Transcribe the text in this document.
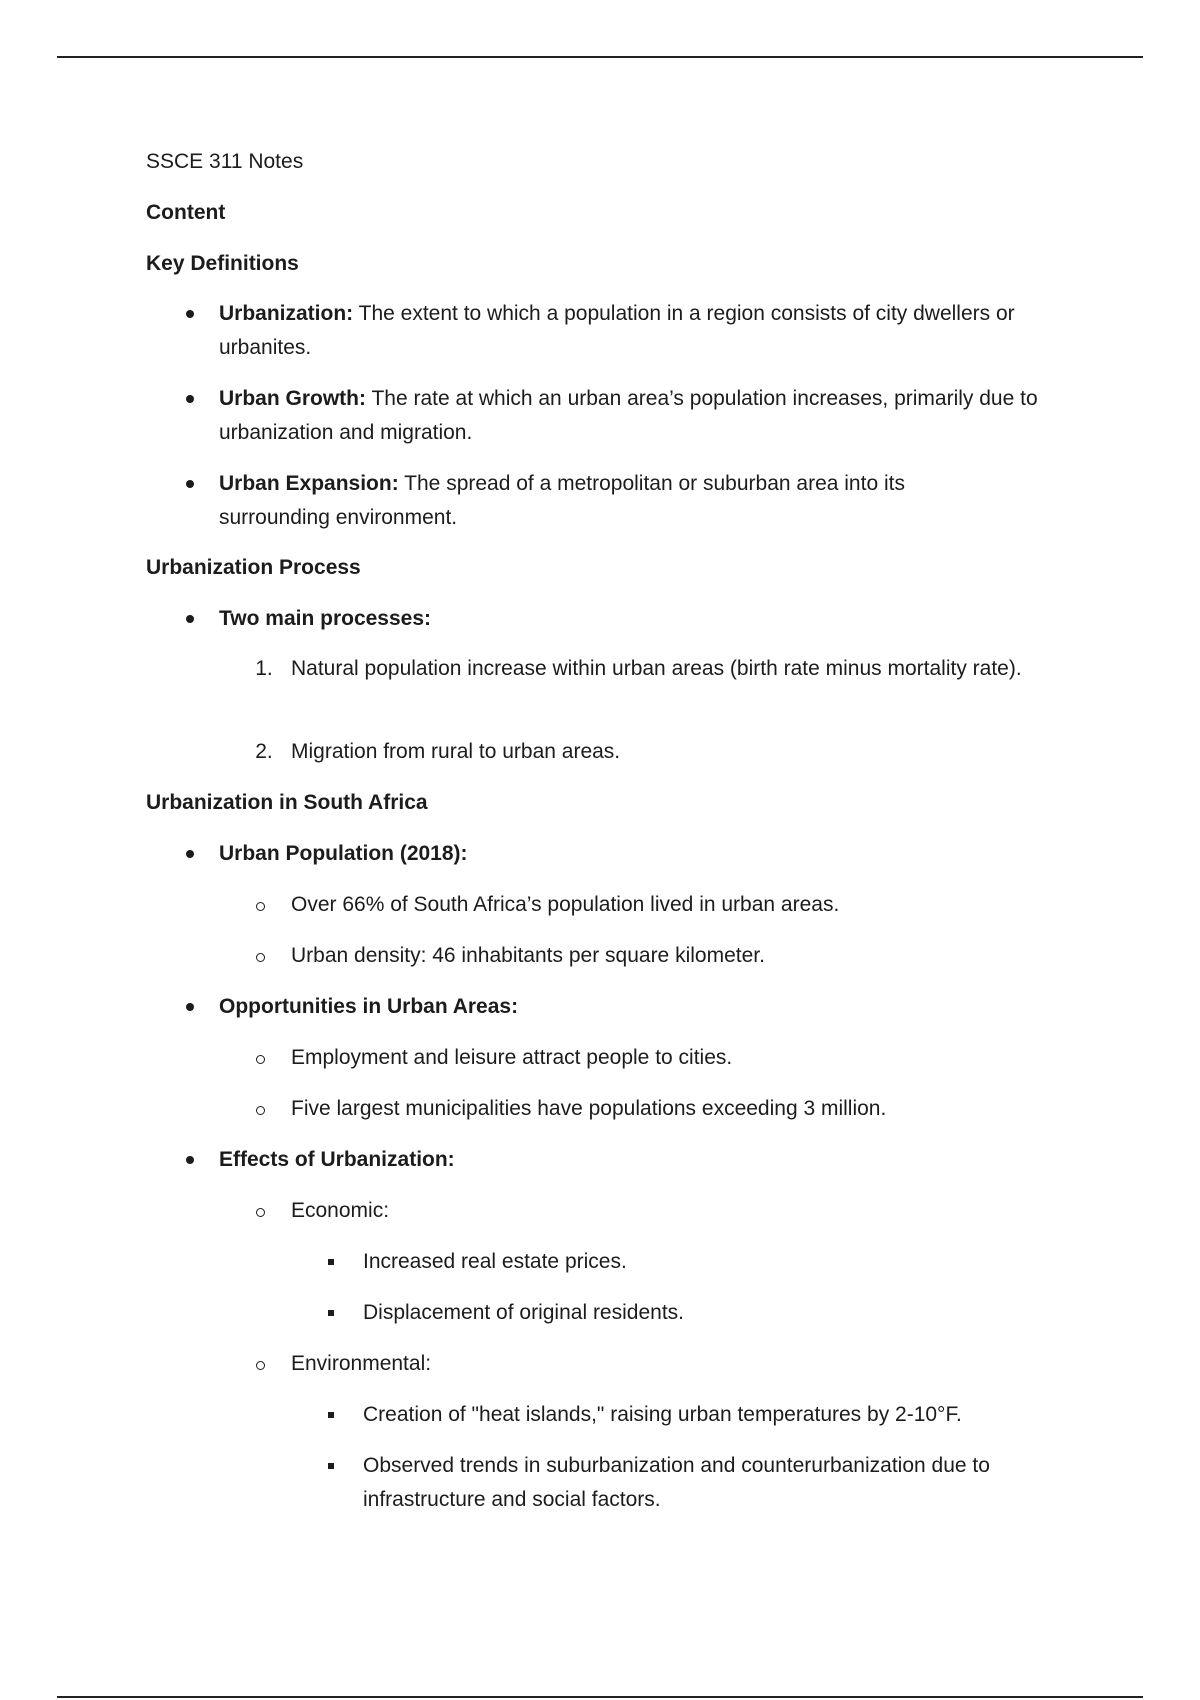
SSCE 311 Notes
Content
Key Definitions
Urbanization: The extent to which a population in a region consists of city dwellers or urbanites.
Urban Growth: The rate at which an urban area’s population increases, primarily due to urbanization and migration.
Urban Expansion: The spread of a metropolitan or suburban area into its surrounding environment.
Urbanization Process
Two main processes:
1. Natural population increase within urban areas (birth rate minus mortality rate).
2. Migration from rural to urban areas.
Urbanization in South Africa
Urban Population (2018):
Over 66% of South Africa’s population lived in urban areas.
Urban density: 46 inhabitants per square kilometer.
Opportunities in Urban Areas:
Employment and leisure attract people to cities.
Five largest municipalities have populations exceeding 3 million.
Effects of Urbanization:
Economic:
Increased real estate prices.
Displacement of original residents.
Environmental:
Creation of "heat islands," raising urban temperatures by 2-10°F.
Observed trends in suburbanization and counterurbanization due to infrastructure and social factors.
